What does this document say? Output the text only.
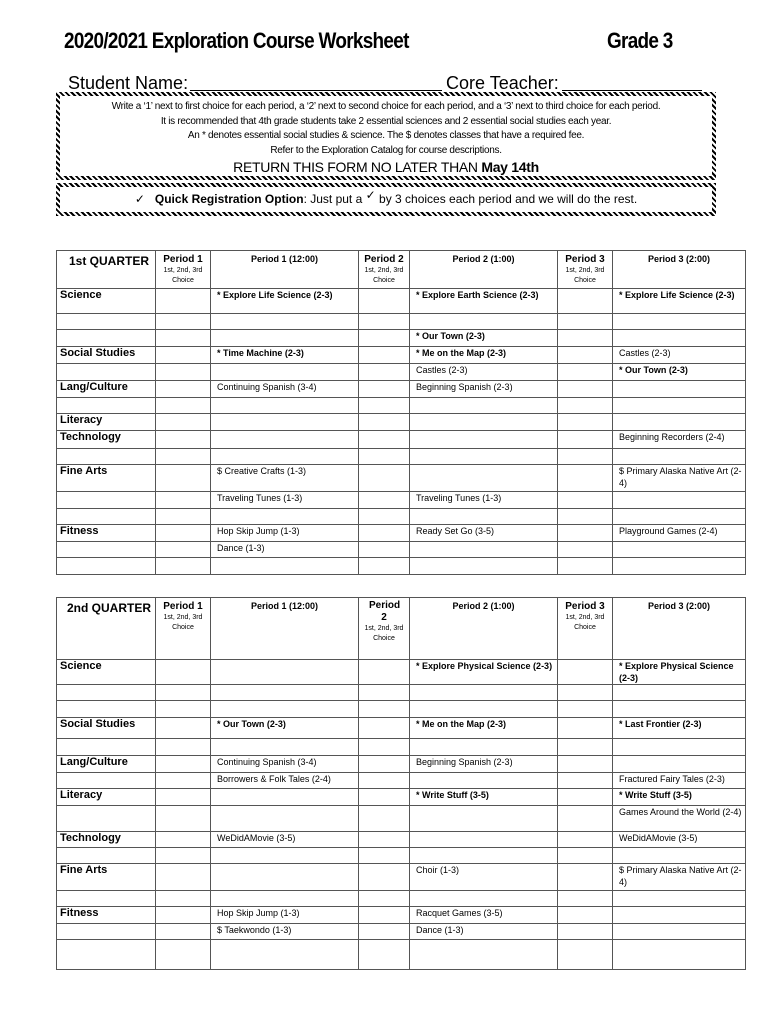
2020/2021 Exploration Course Worksheet	Grade 3
Student Name:	Core Teacher:
Write a ‘1’ next to first choice for each period, a ‘2’ next to second choice for each period, and a ‘3’ next to third choice for each period.
It is recommended that 4th grade students take 2 essential sciences and 2 essential social studies each year.
An * denotes essential social studies & science. The $ denotes classes that have a required fee.
Refer to the Exploration Catalog for course descriptions.
RETURN THIS FORM NO LATER THAN May 14th
✓ Quick Registration Option: Just put a ✓ by 3 choices each period and we will do the rest.
1st QUARTER	Period 1
1st, 2nd, 3rd
Choice	Period 1 (12:00)	Period 2
1st, 2nd, 3rd
Choice	Period 2 (1:00)	Period 3
1st, 2nd, 3rd
Choice	Period 3 (2:00)
Science		* Explore Life Science (2-3)		* Explore Earth Science (2-3)		* Explore Life Science (2-3)

				* Our Town (2-3)		
Social Studies		* Time Machine (2-3)		* Me on the Map (2-3)		Castles (2-3)
				Castles (2-3)		* Our Town (2-3)
Lang/Culture		Continuing Spanish (3-4)		Beginning Spanish (2-3)		

Literacy						
Technology						Beginning Recorders (2-4)

Fine Arts		$ Creative Crafts (1-3)				$ Primary Alaska Native Art (2-4)
		Traveling Tunes (1-3)		Traveling Tunes (1-3)		

Fitness		Hop Skip Jump (1-3)		Ready Set Go (3-5)		Playground Games (2-4)
		Dance (1-3)				

2nd QUARTER	Period 1
1st, 2nd, 3rd
Choice	Period 1 (12:00)	Period 2
1st, 2nd, 3rd
Choice	Period 2 (1:00)	Period 3
1st, 2nd, 3rd
Choice	Period 3 (2:00)
Science				* Explore Physical Science (2-3)		* Explore Physical Science (2-3)

Social Studies		* Our Town (2-3)		* Me on the Map (2-3)		* Last Frontier (2-3)

Lang/Culture		Continuing Spanish (3-4)		Beginning Spanish (2-3)		
		Borrowers & Folk Tales (2-4)				Fractured Fairy Tales (2-3)
Literacy				* Write Stuff (3-5)		* Write Stuff (3-5)
						Games Around the World (2-4)
Technology		WeDidAMovie (3-5)				WeDidAMovie (3-5)

Fine Arts				Choir (1-3)		$ Primary Alaska Native Art (2-4)

Fitness		Hop Skip Jump (1-3)		Racquet Games (3-5)		
		$ Taekwondo (1-3)		Dance (1-3)		
